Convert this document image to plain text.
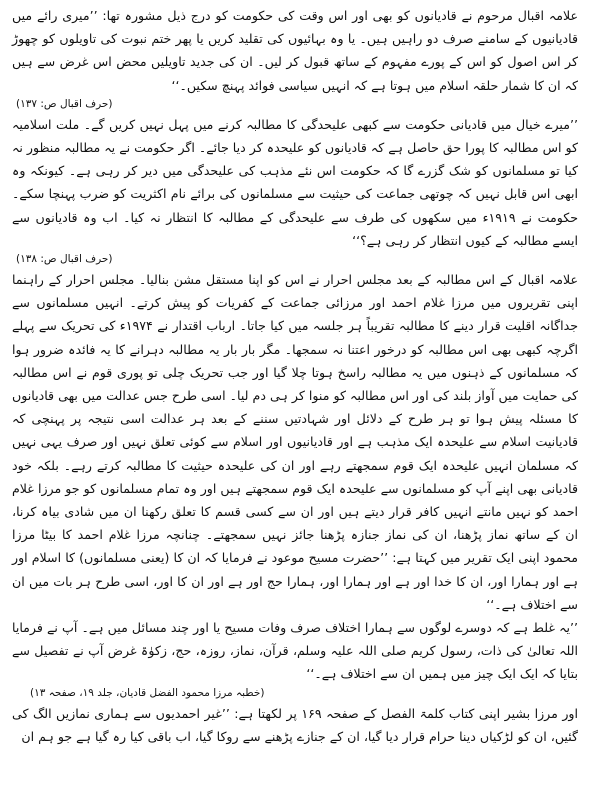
علامہ اقبال مرحوم نے قادیانوں کو بھی اور اس وقت کی حکومت کو درج ذیل مشورہ تھا: ’’میری رائے میں قادیانیوں کے سامنے صرف دو راہیں ہیں۔ یا وہ بہائیوں کی تقلید کریں یا پھر ختم نبوت کی تاویلوں کو چھوڑ کر اس اصول کو اس کے پورے مفہوم کے ساتھ قبول کر لیں۔ ان کی جدید تاویلیں محض اس غرض سے ہیں کہ ان کا شمار حلقہ اسلام میں ہوتا ہے کہ انہیں سیاسی فوائد پہنچ سکیں۔‘‘

(حرف اقبال ص: ۱۳۷)

’’میرے خیال میں قادیانی حکومت سے کبھی علیحدگی کا مطالبہ کرنے میں پہل نہیں کریں گے۔ ملت اسلامیہ کو اس مطالبہ کا پورا حق حاصل ہے کہ قادیانوں کو علیحدہ کر دیا جائے۔ اگر حکومت نے یہ مطالبہ منظور نہ کیا تو مسلمانوں کو شک گزرے گا کہ حکومت اس نئے مذہب کی علیحدگی میں دیر کر رہی ہے۔ کیونکہ وہ ابھی اس قابل نہیں کہ چوتھی جماعت کی حیثیت سے مسلمانوں کی برائے نام اکثریت کو ضرب پہنچا سکے۔ حکومت نے ۱۹۱۹ء میں سکھوں کی طرف سے علیحدگی کے مطالبہ کا انتظار نہ کیا۔ اب وہ قادیانوں سے ایسے مطالبہ کے کیوں انتظار کر رہی ہے؟‘‘

(حرف اقبال ص: ۱۳۸)

علامہ اقبال کے اس مطالبہ کے بعد مجلس احرار نے اس کو اپنا مستقل مشن بنالیا۔ مجلس احرار کے راہنما اپنی تقریروں میں مرزا غلام احمد اور مرزائی جماعت کے کفریات کو پیش کرتے۔ انہیں مسلمانوں سے جداگانہ اقلیت قرار دینے کا مطالبہ تقریباً ہر جلسہ میں کیا جاتا۔ ارباب اقتدار نے ۱۹۷۴ء کی تحریک سے پہلے اگرچہ کبھی بھی اس مطالبہ کو درخور اعتنا نہ سمجھا۔ مگر بار بار یہ مطالبہ دہرانے کا یہ فائدہ ضرور ہوا کہ مسلمانوں کے ذہنوں میں یہ مطالبہ راسخ ہوتا چلا گیا اور جب تحریک چلی تو پوری قوم نے اس مطالبہ کی حمایت میں آواز بلند کی اور اس مطالبہ کو منوا کر ہی دم لیا۔ اسی طرح جس عدالت میں بھی قادیانوں کا مسئلہ پیش ہوا تو ہر طرح کے دلائل اور شہادتیں سننے کے بعد ہر عدالت اسی نتیجہ پر پہنچی کہ قادیانیت اسلام سے علیحدہ ایک مذہب ہے اور قادیانیوں اور اسلام سے کوئی تعلق نہیں اور صرف یہی نہیں کہ مسلمان انہیں علیحدہ ایک قوم سمجھتے رہے اور ان کی علیحدہ حیثیت کا مطالبہ کرتے رہے۔ بلکہ خود قادیانی بھی اپنے آپ کو مسلمانوں سے علیحدہ ایک قوم سمجھتے ہیں اور وہ تمام مسلمانوں کو جو مرزا غلام احمد کو نہیں مانتے انہیں کافر قرار دیتے ہیں اور ان سے کسی قسم کا تعلق رکھنا ان میں شادی بیاہ کرنا، ان کے ساتھ نماز پڑھنا، ان کی نماز جنازہ پڑھنا جائز نہیں سمجھتے۔ چنانچہ مرزا غلام احمد کا بیٹا مرزا محمود اپنی ایک تقریر میں کہتا ہے: ’’حضرت مسیح موعود نے فرمایا کہ ان کا (یعنی مسلمانوں) کا اسلام اور ہے اور ہمارا اور، ان کا خدا اور ہے اور ہمارا اور، ہمارا حج اور ہے اور ان کا اور، اسی طرح ہر بات میں ان سے اختلاف ہے۔‘‘

’’یہ غلط ہے کہ دوسرے لوگوں سے ہمارا اختلاف صرف وفات مسیح یا اور چند مسائل میں ہے۔ آپ نے فرمایا اللہ تعالیٰ کی ذات، رسول کریم صلی اللہ علیہ وسلم، قرآن، نماز، روزہ، حج، زکوٰۃ غرض آپ نے تفصیل سے بتایا کہ ایک ایک چیز میں ہمیں ان سے اختلاف ہے۔‘‘

(خطبہ مرزا محمود الفضل قادیان، جلد ۱۹، صفحہ ۱۳)

اور مرزا بشیر اپنی کتاب کلمۃ الفصل کے صفحہ ۱۶۹ پر لکھتا ہے: ’’غیر احمدیوں سے ہماری نمازیں الگ کی گئیں، ان کو لڑکیاں دینا حرام قرار دیا گیا، ان کے جنازے پڑھنے سے روکا گیا، اب باقی کیا رہ گیا ہے جو ہم ان
